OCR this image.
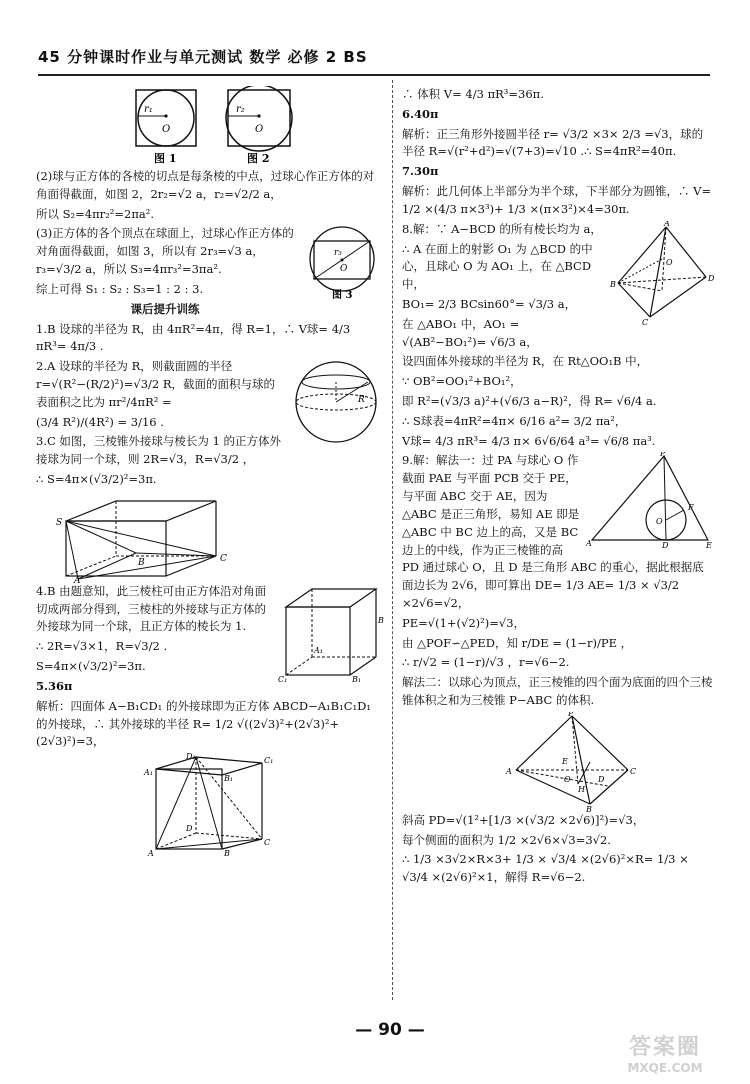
45 分钟课时作业与单元测试 数学 必修 2 BS
r₁
O
r₂
O
图 1	图 2

(2)球与正方体的各棱的切点是每条棱的中点，过球心作正方体的对角面得截面，如图 2，2r₂=√2 a，r₂=√2/2 a，

所以 S₂=4πr₂²=2πa².

r₃
O
图 3

(3)正方体的各个顶点在球面上，过球心作正方体的对角面得截面，如图 3，所以有 2r₃=√3 a，r₃=√3/2 a，所以 S₃=4πr₃²=3πa².

综上可得 S₁ : S₂ : S₃=1 : 2 : 3.

课后提升训练

1.B 设球的半径为 R，由 4πR²=4π，得 R=1，∴ V球= 4/3 πR³= 4π/3 .

R

2.A 设球的半径为 R，则截面圆的半径 r=√(R²−(R/2)²)=√3/2 R，截面的面积与球的表面积之比为 πr²/4πR² =

(3/4 R²)/(4R²) = 3/16 .

3.C 如图，三棱锥外接球与棱长为 1 的正方体外接球为同一个球，则 2R=√3，R=√3/2 ，

∴ S=4π×(√3/2)²=3π.

S
B	C
A
A₁
B
C₁	B₁

4.B 由题意知，此三棱柱可由正方体沿对角面切成两部分得到，三棱柱的外接球与正方体的外接球为同一个球，且正方体的棱长为 1.

∴ 2R=√3×1，R=√3/2 .

S=4π×(√3/2)²=3π.

5.36π

解析：四面体 A−B₁CD₁ 的外接球即为正方体 ABCD−A₁B₁C₁D₁ 的外接球，∴ 其外接球的半径 R= 1/2 √((2√3)²+(2√3)²+(2√3)²)=3，

D₁	C₁
A₁
B₁
D
C
A	B

∴ 体积 V= 4/3 πR³=36π.

6.40π

解析：正三角形外接圆半径 r= √3/2 ×3× 2/3 =√3，球的半径 R=√(r²+d²)=√(7+3)=√10 .∴ S=4πR²=40π.

7.30π

解析：此几何体上半部分为半个球，下半部分为圆锥，∴ V= 1/2 ×(4/3 π×3³)+ 1/3 ×(π×3²)×4=30π.

A
B
D
C
O

8.解：∵ A−BCD 的所有棱长均为 a，

∴ A 在面上的射影 O₁ 为 △BCD 的中心，且球心 O 为 AO₁ 上，在 △BCD 中，

BO₁= 2/3 BCsin60°= √3/3 a，

在 △ABO₁ 中，AO₁ = √(AB²−BO₁²)= √6/3 a，

设四面体外接球的半径为 R，在 Rt△OO₁B 中，

∵ OB²=OO₁²+BO₁²，

即 R²=(√3/3 a)²+(√6/3 a−R)²，得 R= √6/4 a.

∴ S球表=4πR²=4π× 6/16 a²= 3/2 πa²，

V球= 4/3 πR³= 4/3 π× 6√6/64 a³= √6/8 πa³.

P
A	D	E
F
O

9.解：解法一：过 PA 与球心 O 作截面 PAE 与平面 PCB 交于 PE，与平面 ABC 交于 AE，因为 △ABC 是正三角形，易知 AE 即是 △ABC 中 BC 边上的高，又是 BC 边上的中线，作为正三棱锥的高 PD 通过球心 O，且 D 是三角形 ABC 的重心，据此根据底面边长为 2√6，即可算出 DE= 1/3 AE= 1/3 × √3/2 ×2√6=√2，

PE=√(1+(√2)²)=√3，

由 △POF∽△PED，知 r/DE = (1−r)/PE ，

∴ r/√2 = (1−r)/√3 ，r=√6−2.

解法二：以球心为顶点，正三棱锥的四个面为底面的四个三棱锥体积之和为三棱锥 P−ABC 的体积.

P
A	C
B
E
H
D
O

斜高 PD=√(1²+[1/3 ×(√3/2 ×2√6)]²)=√3，

每个侧面的面积为 1/2 ×2√6×√3=3√2.

∴ 1/3 ×3√2×R×3+ 1/3 × √3/4 ×(2√6)²×R= 1/3 × √3/4 ×(2√6)²×1，解得 R=√6−2.

— 90 —
答案圈
MXQE.COM
